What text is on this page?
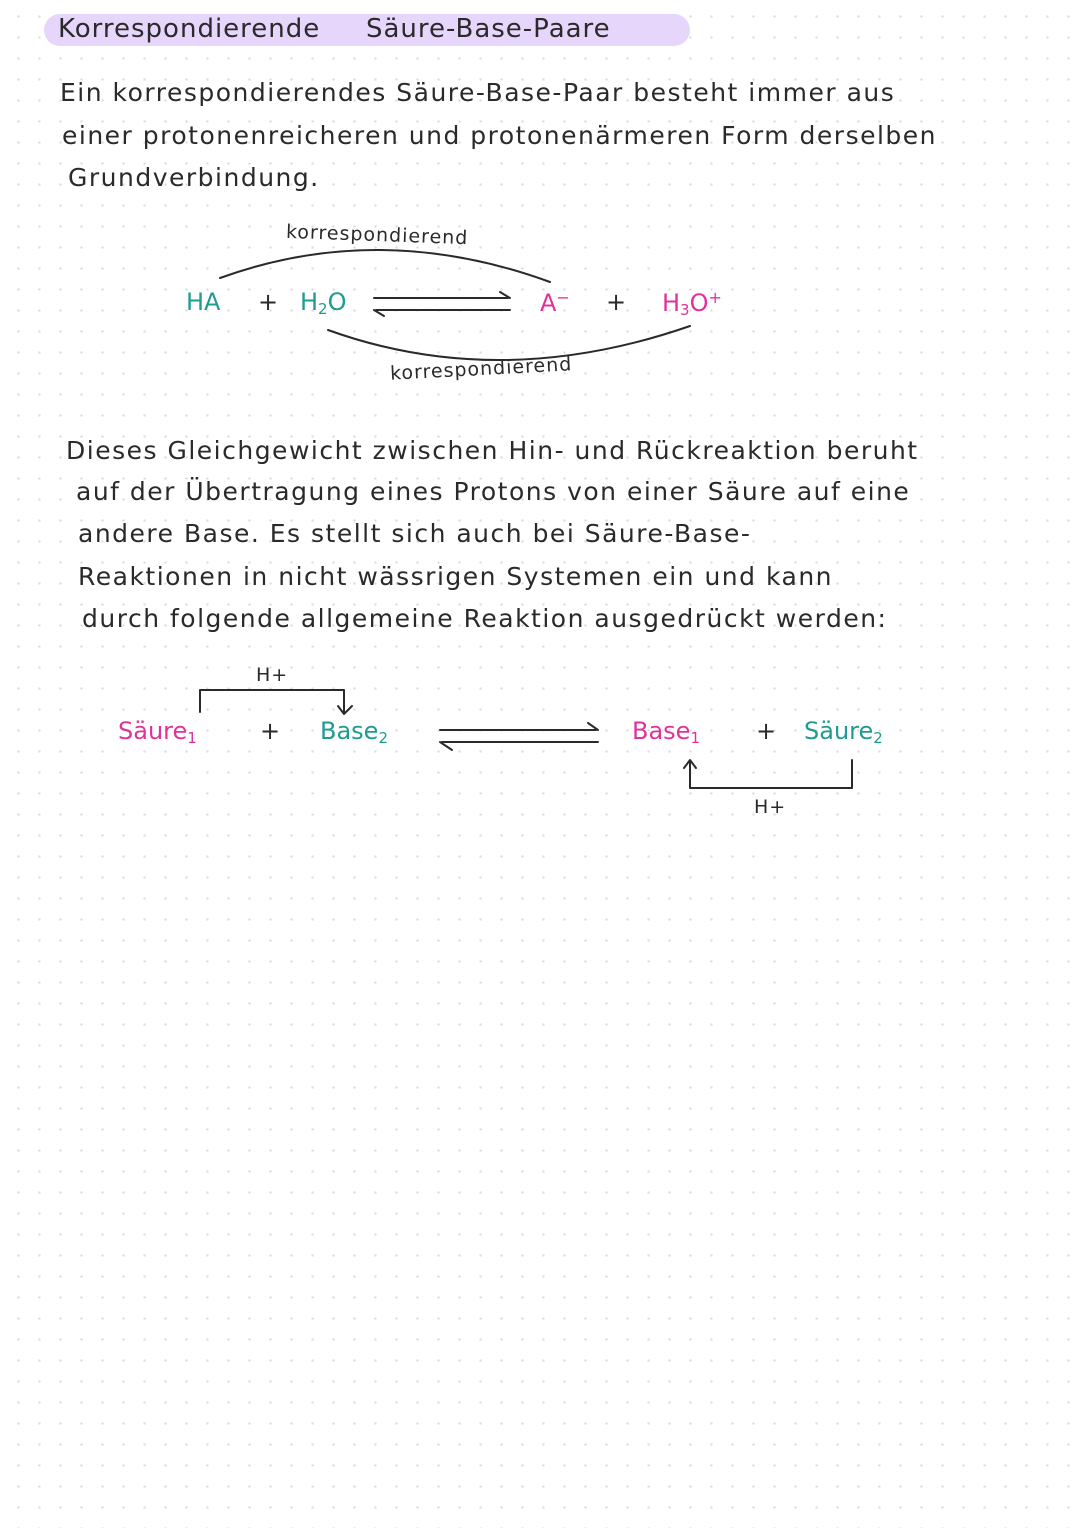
Korrespondierende Säure-Base-Paare
Ein korrespondierendes Säure-Base-Paar besteht immer aus
einer protonenreicheren und protonenärmeren Form derselben
Grundverbindung.
korrespondierend
HA + $H_2O$	$A^- + H_3O^+$
korrespondierend
Dieses Gleichgewicht zwischen Hin- und Rückreaktion beruht
auf der Übertragung eines Protons von einer Säure auf eine
andere Base. Es stellt sich auch bei Säure-Base-
Reaktionen in nicht wässrigen Systemen ein und kann
durch folgende allgemeine Reaktion ausgedrückt werden:
H+
Säure$_1$	+ Base$_2$	Base$_1$ + Säure$_2$
H+
